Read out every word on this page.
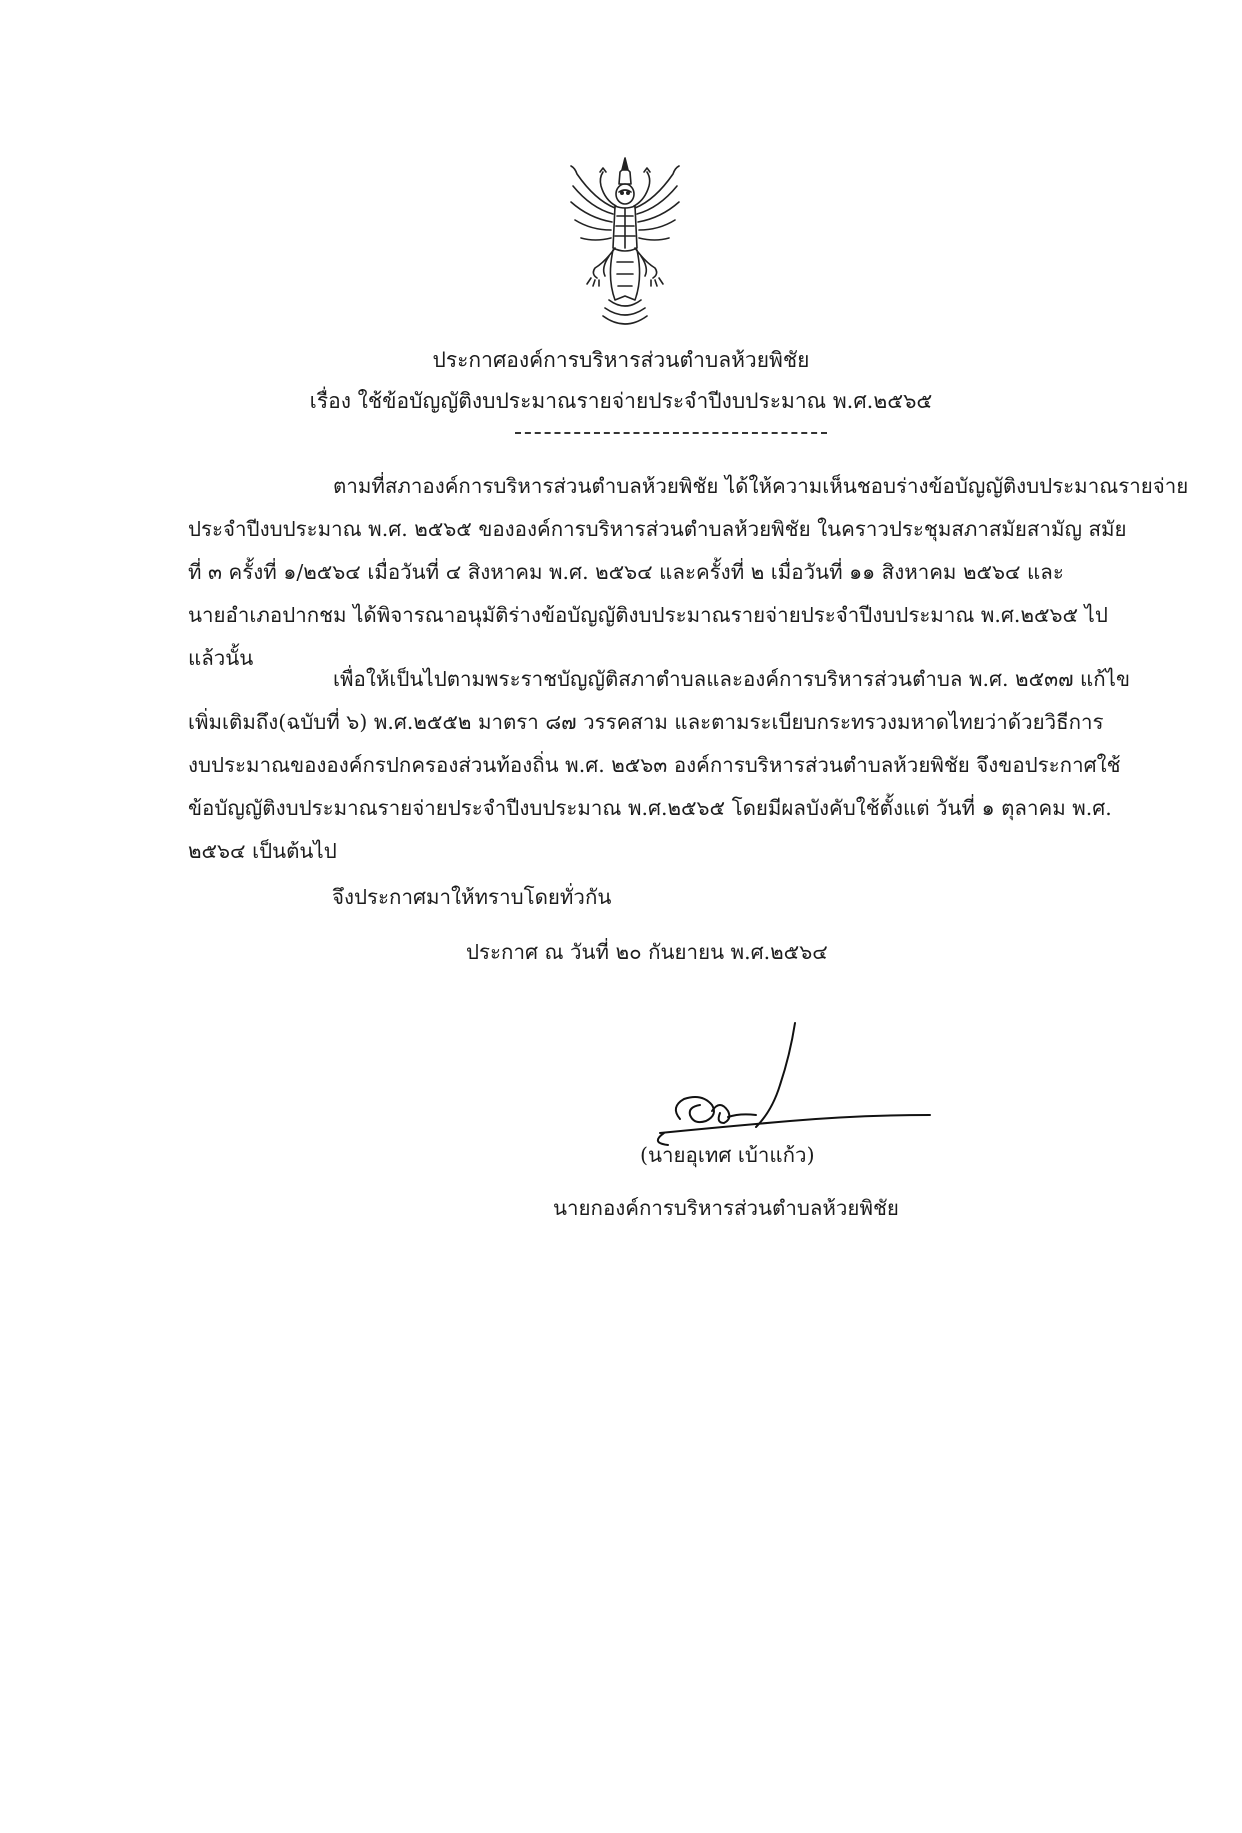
ประกาศองค์การบริหารส่วนตำบลห้วยพิชัย
เรื่อง ใช้ข้อบัญญัติงบประมาณรายจ่ายประจำปีงบประมาณ พ.ศ.๒๕๖๕
ตามที่สภาองค์การบริหารส่วนตำบลห้วยพิชัย ได้ให้ความเห็นชอบร่างข้อบัญญัติงบประมาณรายจ่าย
ประจำปีงบประมาณ พ.ศ. ๒๕๖๕ ขององค์การบริหารส่วนตำบลห้วยพิชัย ในคราวประชุมสภาสมัยสามัญ สมัย
ที่ ๓ ครั้งที่ ๑/๒๕๖๔ เมื่อวันที่ ๔ สิงหาคม พ.ศ. ๒๕๖๔ และครั้งที่ ๒ เมื่อวันที่ ๑๑ สิงหาคม ๒๕๖๔ และ
นายอำเภอปากชม ได้พิจารณาอนุมัติร่างข้อบัญญัติงบประมาณรายจ่ายประจำปีงบประมาณ พ.ศ.๒๕๖๕ ไป
แล้วนั้น
เพื่อให้เป็นไปตามพระราชบัญญัติสภาตำบลและองค์การบริหารส่วนตำบล พ.ศ. ๒๕๓๗ แก้ไข
เพิ่มเติมถึง(ฉบับที่ ๖) พ.ศ.๒๕๕๒ มาตรา ๘๗ วรรคสาม และตามระเบียบกระทรวงมหาดไทยว่าด้วยวิธีการ
งบประมาณขององค์กรปกครองส่วนท้องถิ่น พ.ศ. ๒๕๖๓ องค์การบริหารส่วนตำบลห้วยพิชัย จึงขอประกาศใช้
ข้อบัญญัติงบประมาณรายจ่ายประจำปีงบประมาณ พ.ศ.๒๕๖๕ โดยมีผลบังคับใช้ตั้งแต่ วันที่ ๑ ตุลาคม พ.ศ.
๒๕๖๔ เป็นต้นไป
จึงประกาศมาให้ทราบโดยทั่วกัน
ประกาศ ณ วันที่ ๒๐ กันยายน พ.ศ.๒๕๖๔
(นายอุเทศ เบ้าแก้ว)
นายกองค์การบริหารส่วนตำบลห้วยพิชัย
